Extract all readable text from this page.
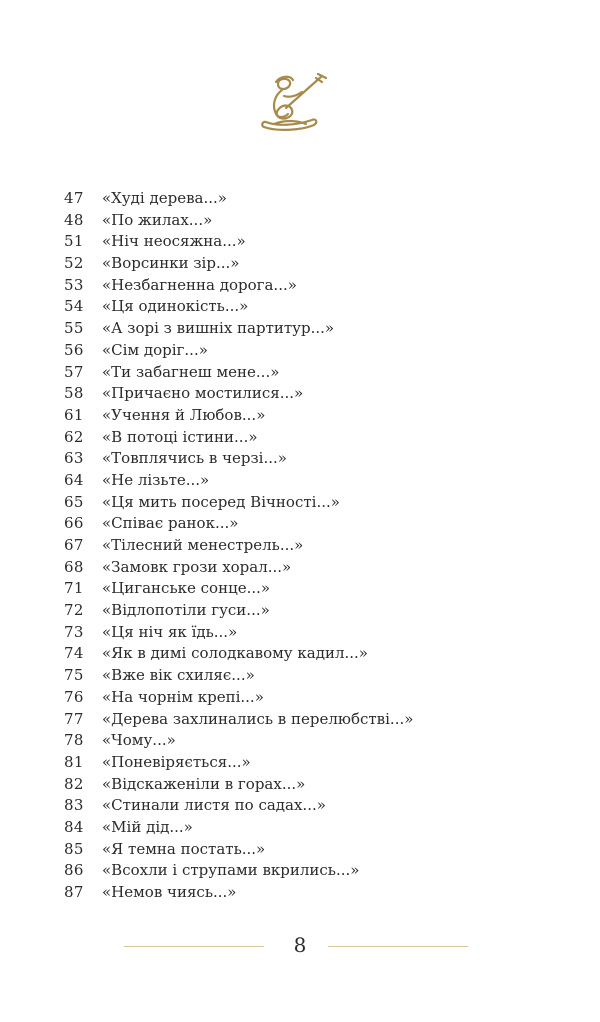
47	«Худі дерева...»
48	«По жилах...»
51	«Ніч неосяжна...»
52	«Ворсинки зір...»
53	«Незбагненна дорога...»
54	«Ця одинокість...»
55	«А зорі з вишніх партитур...»
56	«Сім доріг...»
57	«Ти забагнеш мене...»
58	«Причаєно мостилися...»
61	«Учення й Любов...»
62	«В потоці істини...»
63	«Товплячись в черзі...»
64	«Не лізьте...»
65	«Ця мить посеред Вічності...»
66	«Співає ранок...»
67	«Тілесний менестрель...»
68	«Замовк грози хорал...»
71	«Циганське сонце...»
72	«Відлопотіли гуси...»
73	«Ця ніч як їдь...»
74	«Як в димі солодкавому кадил...»
75	«Вже вік схиляє...»
76	«На чорнім крепі...»
77	«Дерева захлинались в перелюбстві...»
78	«Чому...»
81	«Поневіряється...»
82	«Відскаженіли в горах...»
83	«Стинали листя по садах...»
84	«Мій дід...»
85	«Я темна постать...»
86	«Всохли і струпами вкрились...»
87	«Немов чиясь...»
8
